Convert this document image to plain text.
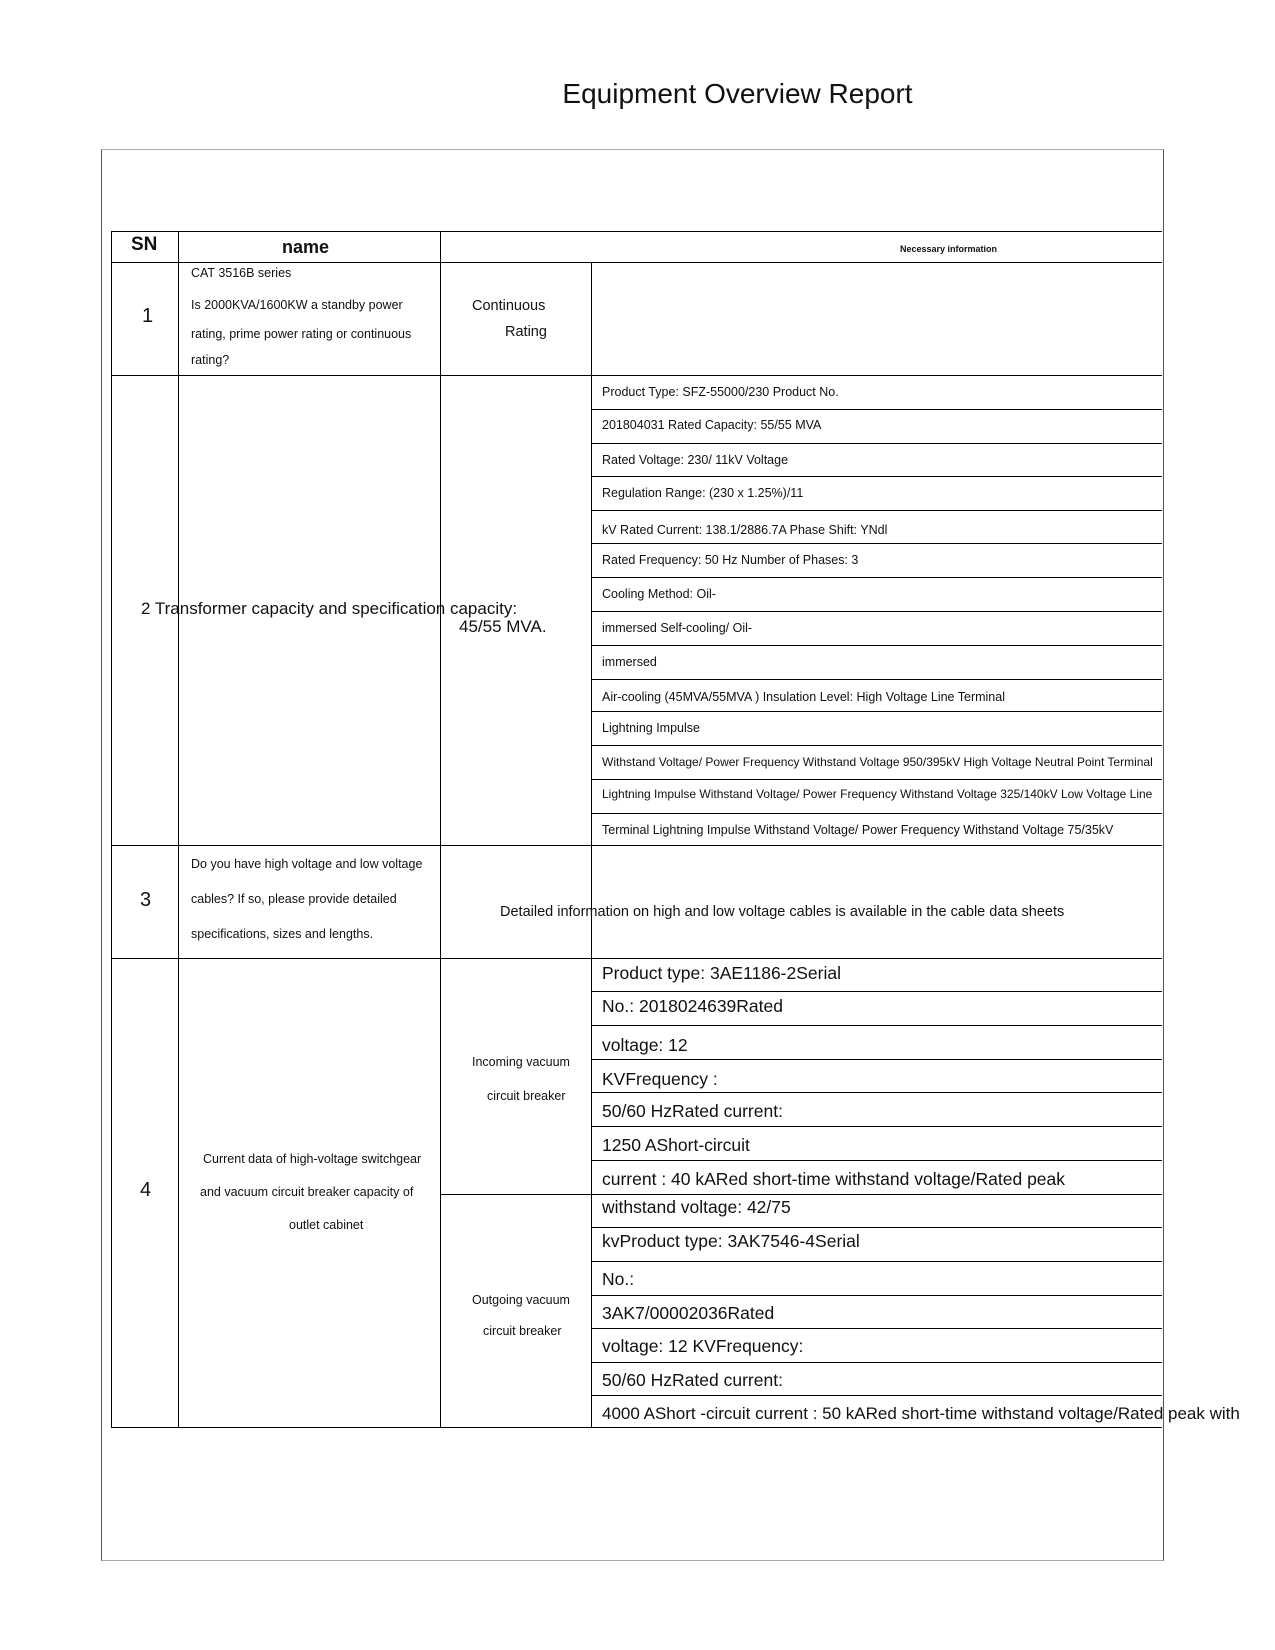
Equipment Overview Report
SN	name	Necessary information
1
CAT 3516B series
Is 2000KVA/1600KW a standby power
rating, prime power rating or continuous
rating?
Continuous
Rating
2 Transformer capacity and specification capacity:
45/55 MVA.
Product Type: SFZ-55000/230 Product No.
201804031 Rated Capacity: 55/55 MVA
Rated Voltage: 230/ 11kV Voltage
Regulation Range: (230 x 1.25%)/11
kV Rated Current: 138.1/2886.7A Phase Shift: YNdl
Rated Frequency: 50 Hz Number of Phases: 3
Cooling Method: Oil-
immersed Self-cooling/ Oil-
immersed
Air-cooling (45MVA/55MVA ) Insulation Level: High Voltage Line Terminal
Lightning Impulse
Withstand Voltage/ Power Frequency Withstand Voltage 950/395kV High Voltage Neutral Point Terminal
Lightning Impulse Withstand Voltage/ Power Frequency Withstand Voltage 325/140kV Low Voltage Line
Terminal Lightning Impulse Withstand Voltage/ Power Frequency Withstand Voltage 75/35kV
3
Do you have high voltage and low voltage
cables? If so, please provide detailed
specifications, sizes and lengths.
Detailed information on high and low voltage cables is available in the cable data sheets
4
Current data of high-voltage switchgear
and vacuum circuit breaker capacity of
outlet cabinet
Incoming vacuum
circuit breaker
Outgoing vacuum
circuit breaker
Product type: 3AE1186-2Serial
No.: 2018024639Rated
voltage: 12
KVFrequency :
50/60 HzRated current:
1250 AShort-circuit
current : 40 kARed short-time withstand voltage/Rated peak
withstand voltage: 42/75
kvProduct type: 3AK7546-4Serial
No.:
3AK7/00002036Rated
voltage: 12 KVFrequency:
50/60 HzRated current:
4000 AShort -circuit current : 50 kARed short-time withstand voltage/Rated peak with
